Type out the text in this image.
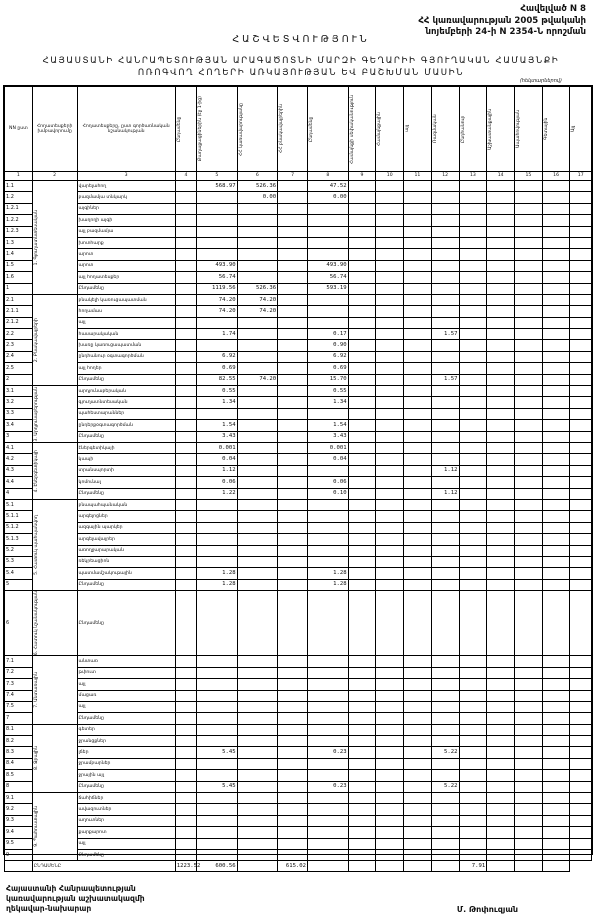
Հավելված N 8
ՀՀ կառավարության 2005 թվականի
նոյեմբերի 24-ի N 2354-Ն որոշման
ՀԱՇՎԵՏՎՈՒԹՅՈՒՆ
ՀԱՅԱՍՏԱՆԻ ՀԱՆՐԱՊԵՏՈՒԹՅԱՆ ԱՐԱԳԱԾՈՏՆԻ ՄԱՐԶԻ ԳԵՂԱՐԻԻ ԳՅՈՒՂԱԿԱՆ ՀԱՄԱՅՆՔԻ
ՈՌՈԳՎՈՂ ՀՈՂԵՐԻ ԱՌԿԱՅՈՒԹՅԱՆ ԵՎ ԲԱՇԽՄԱՆ ՄԱՍԻՆ
(հեկտարներով)
NN ըստ	Հողատեսքերի խմբավորումը	Հողատեսքերը, ըստ գործառնական նշանակության	Ընդամենը	Քաղաքացիներին (էջ 1-ից)	ՀՀ կառավարությանը	ՀՀ բնակավայրերին	Ընդամենը	Համայնքի սեփականություն	Համայնքային	այլ	Ռազմական	Ընդհանուր	Աշխատանքային	Ապահովության	Գետային	Այլ

1	2	3	4	5	6	7	8	9	10	11	12	13	14	15	16	17
1.1	1. Գյուղատնտեսական	վարելահող		568.97	526.36		47.52									
1.2		բազմամյա տնկարկ			0.00		0.00									
1.2.1		այգիներ														
1.2.2		խաղողի այգի														
1.2.3		այլ բազմամյա														
1.3		խոտհարք														
1.4		արոտ														
1.5		արոտ		493.90			493.90									
1.6		այլ հողատեսքեր		56.74			56.74									
1		Ընդամենը		1119.56	526.36		593.19									
2.1	2. Բնակավայրերի	բնակելի կառուցապատման		74.20	74.20											
2.1.1		հողամաս		74.20	74.20											
2.1.2		այլ														
2.2		հասարակական		1.74			0.17				1.57					
2.3		խառը կառուցապատման					0.90									
2.4		ընդհանուր օգտագործման		6.92			6.92									
2.5		այլ հողեր		0.69			0.69									
2		Ընդամենը		82.55	74.20		15.70				1.57					
3.1	3. Արդյունաբերության	արդյունաբերական		0.55			0.55									
3.2		գյուղատնտեսական		1.34			1.34									
3.3		պահեստարաններ														
3.4		ընդերքօգտագործման		1.54			1.54									
3		Ընդամենը		3.43			3.43									
4.1	4. Էներգետիկայի	էներգետիկայի		0.001			0.001									
4.2		կապի		0.04			0.04									
4.3		տրանսպորտի		1.12							1.12					
4.4		կոմունալ		0.06			0.06									
4		Ընդամենը		1.22			0.10				1.12					
5.1	5. Հատուկ պահպանվող	բնապահպանական														
5.1.1		արգելոցներ														
5.1.2		ազգային պարկեր														
5.1.3		արգելավայրեր														
5.2		առողջարարական														
5.3		ռեկրեացիոն														
5.4		պատմամշակութային		1.28			1.28									
5		Ընդամենը		1.28			1.28									
6	6. Հատուկ նշանակության	Ընդամենը														
7.1	7. Անտառային	անտառ														
7.2		թփուտ														
7.3		այլ														
7.4		մացառ														
7.5		այլ														
7		Ընդամենը														
8.1	8. Ջրային	գետեր														
8.2		ջրանցքներ														
8.3		լճեր		5.45			0.23				5.22					
8.4		ջրամբարներ														
8.5		ջրային այլ														
8		Ընդամենը		5.45			0.23				5.22					
9.1	9. Պահուստային	ճահիճներ														
9.2		ավազուտներ														
9.3		աղուտներ														
9.4		քարքարոտ														
9.5		այլ														
9		Ընդամենը														
	ԸՆԴԱՄԵՆԸ		1223.52	600.56		615.02						7.91				
Հայաստանի Հանրապետության
կառավարության աշխատակազմի
ղեկավար-նախարար	Մ. Թոփուզյան
